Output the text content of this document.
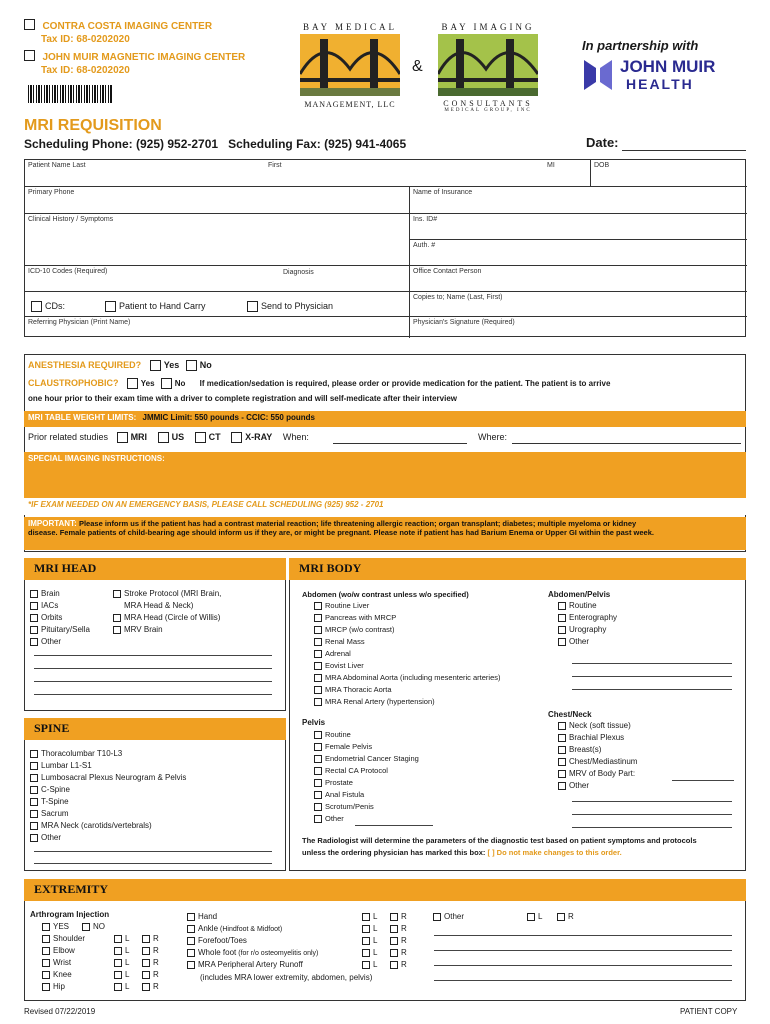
CONTRA COSTA IMAGING CENTER
Tax ID: 68-0202020
JOHN MUIR MAGNETIC IMAGING CENTER
Tax ID: 68-0202020
BAY MEDICAL
MANAGEMENT, LLC
&
BAY IMAGING
CONSULTANTS
MEDICAL GROUP, INC
In partnership with
JOHN MUIR
HEALTH
MRI REQUISITION
Scheduling Phone: (925) 952-2701   Scheduling Fax: (925) 941-4065	Date:
Patient Name Last	First	MI	DOB
Primary Phone	Name of Insurance
Clinical History / Symptoms	Ins. ID#
Auth. #
ICD-10 Codes (Required)	Diagnosis	Office Contact Person
CDs:	Patient to Hand Carry	Send to Physician
Copies to; Name (Last, First)
Referring Physician (Print Name)	Physician's Signature (Required)
ANESTHESIA REQUIRED?	Yes No
CLAUSTROPHOBIC?	Yes	No If medication/sedation is required, please order or provide medication for the patient. The patient is to arrive
one hour prior to their exam time with a driver to complete registration and will self-medicate after their interview
MRI TABLE WEIGHT LIMITS: JMMIC Limit: 550 pounds - CCIC: 550 pounds
Prior related studies	MRI	US	CT	X-RAY When:	Where:
SPECIAL IMAGING INSTRUCTIONS:
*IF EXAM NEEDED ON AN EMERGENCY BASIS, PLEASE CALL SCHEDULING (925) 952 - 2701
IMPORTANT: Please inform us if the patient has had a contrast material reaction; life threatening allergic reaction; organ transplant; diabetes; multiple myeloma or kidney
disease. Female patients of child-bearing age should inform us if they are, or might be pregnant. Please note if patient has had Barium Enema or Upper GI within the past week.
MRI HEAD
Brain
IACs
Orbits
Pituitary/Sella
Other
Stroke Protocol (MRI Brain,
MRA Head & Neck)
MRA Head (Circle of Willis)
MRV Brain
MRI BODY
Abdomen (wo/w contrast unless w/o specified)
Routine Liver
Pancreas with MRCP
MRCP (w/o contrast)
Renal Mass
Adrenal
Eovist Liver
MRA Abdominal Aorta (including mesenteric arteries)
MRA Thoracic Aorta
MRA Renal Artery (hypertension)
Abdomen/Pelvis
Routine
Enterography
Urography
Other
Pelvis
Routine
Female Pelvis
Endometrial Cancer Staging
Rectal CA Protocol
Prostate
Anal Fistula
Scrotum/Penis
Other
Chest/Neck
Neck (soft tissue)
Brachial Plexus
Breast(s)
Chest/Mediastinum
MRV of Body Part:
Other
The Radiologist will determine the parameters of the diagnostic test based on patient symptoms and protocols
unless the ordering physician has marked this box: [ ] Do not make changes to this order.
SPINE
Thoracolumbar T10-L3
Lumbar L1-S1
Lumbosacral Plexus Neurogram & Pelvis
C-Spine
T-Spine
Sacrum
MRA Neck (carotids/vertebrals)
Other
EXTREMITY
Arthrogram Injection
YES	NO
Shoulder	L	R
Elbow	L	R
Wrist	L	R
Knee	L	R
Hip	L	R
Hand	L	R
Ankle (Hindfoot & Midfoot)	L	R
Forefoot/Toes	L	R
Whole foot (for r/o osteomyelitis only)	L	R
MRA Peripheral Artery Runoff	L	R
(includes MRA lower extremity, abdomen, pelvis)
Other	L	R
Revised 07/22/2019	PATIENT COPY
